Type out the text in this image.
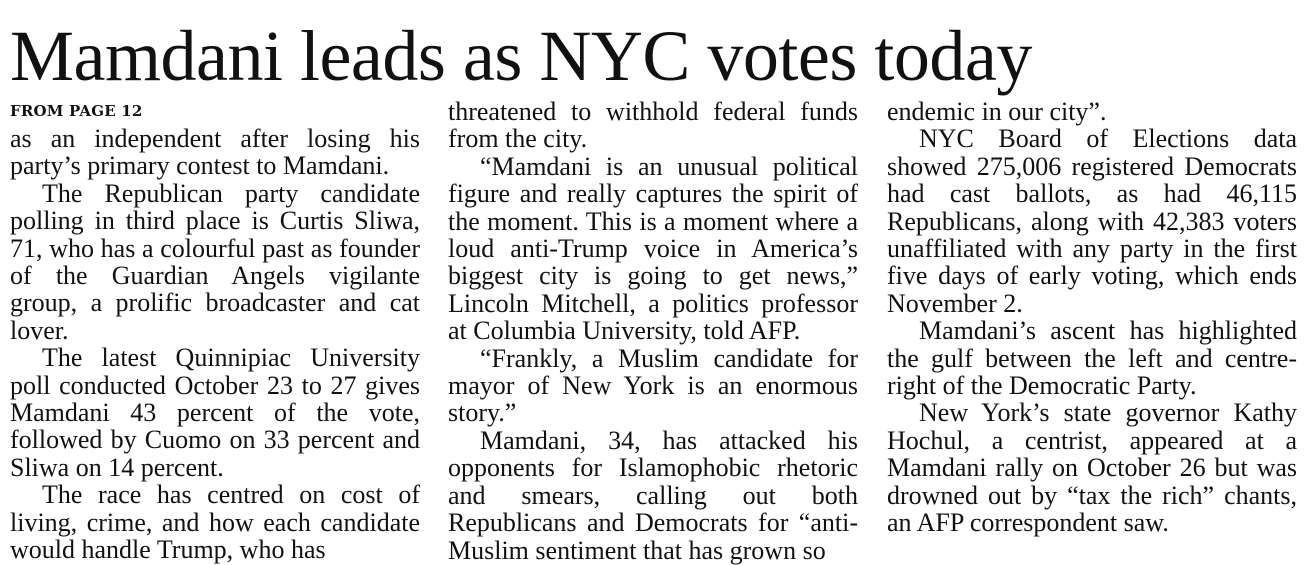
Mamdani leads as NYC votes today
FROM PAGE 12

as an independent after losing his party’s primary contest to Mamdani.

The Republican party candidate polling in third place is Curtis Sliwa, 71, who has a colourful past as founder of the Guardian Angels vigilante group, a prolific broadcaster and cat lover.

The latest Quinnipiac University poll conducted October 23 to 27 gives Mamdani 43 percent of the vote, followed by Cuomo on 33 percent and Sliwa on 14 percent.

The race has centred on cost of living, crime, and how each candidate would handle Trump, who has

threatened to withhold federal funds from the city.

“Mamdani is an unusual political figure and really captures the spirit of the moment. This is a moment where a loud anti-Trump voice in America’s biggest city is going to get news,” Lincoln Mitchell, a politics professor at Columbia University, told AFP.

“Frankly, a Muslim candidate for mayor of New York is an enormous story.”

Mamdani, 34, has attacked his opponents for Islamophobic rhetoric and smears, calling out both Republicans and Democrats for “anti-Muslim sentiment that has grown so

endemic in our city”.

NYC Board of Elections data showed 275,006 registered Democrats had cast ballots, as had 46,115 Republicans, along with 42,383 voters unaffiliated with any party in the first five days of early voting, which ends November 2.

Mamdani’s ascent has highlighted the gulf between the left and centre-right of the Democratic Party.

New York’s state governor Kathy Hochul, a centrist, appeared at a Mamdani rally on October 26 but was drowned out by “tax the rich” chants, an AFP correspondent saw.
